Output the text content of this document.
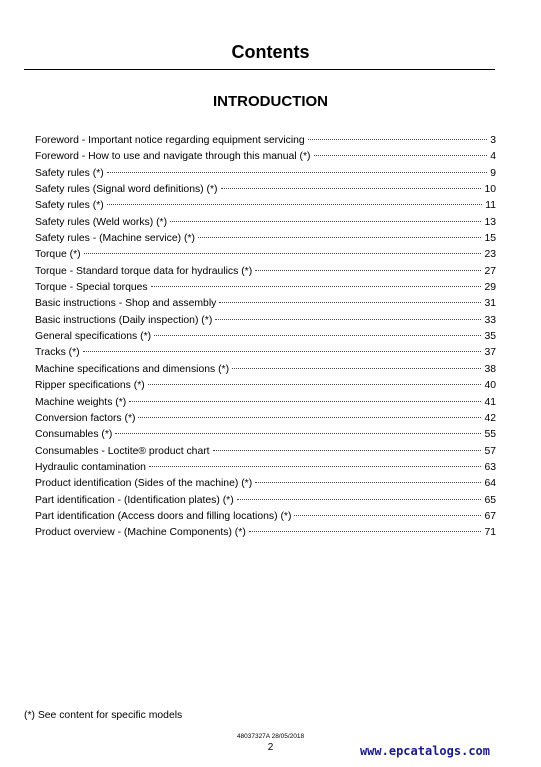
Contents
INTRODUCTION
Foreword - Important notice regarding equipment servicing	3
Foreword - How to use and navigate through this manual (*)	4
Safety rules (*)	9
Safety rules (Signal word definitions) (*)	10
Safety rules (*)	11
Safety rules (Weld works) (*)	13
Safety rules - (Machine service) (*)	15
Torque (*)	23
Torque - Standard torque data for hydraulics (*)	27
Torque - Special torques	29
Basic instructions - Shop and assembly	31
Basic instructions (Daily inspection) (*)	33
General specifications (*)	35
Tracks (*)	37
Machine specifications and dimensions (*)	38
Ripper specifications (*)	40
Machine weights (*)	41
Conversion factors (*)	42
Consumables (*)	55
Consumables - Loctite® product chart	57
Hydraulic contamination	63
Product identification (Sides of the machine) (*)	64
Part identification - (Identification plates) (*)	65
Part identification (Access doors and filling locations) (*)	67
Product overview - (Machine Components) (*)	71
(*) See content for specific models
48037327A 28/05/2018
2	www.epcatalogs.com
